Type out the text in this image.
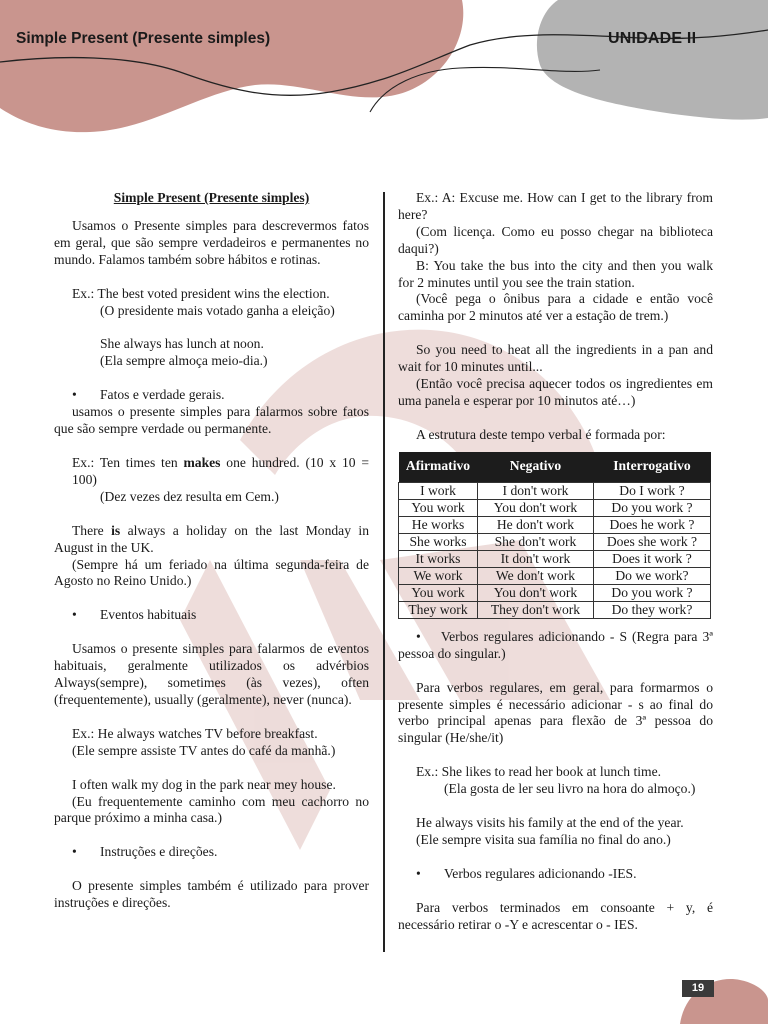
Simple Present (Presente simples)	UNIDADE II

Simple Present (Presente simples)

Usamos o Presente simples para descrevermos fatos em geral, que são sempre verdadeiros e permanentes no mundo. Falamos também sobre hábitos e rotinas.

Ex.: The best voted president wins the election.

(O presidente mais votado ganha a eleição)

She always has lunch at noon.

(Ela sempre almoça meio-dia.)

• Fatos e verdade gerais.

usamos o presente simples para falarmos sobre fatos que são sempre verdade ou permanente.

Ex.: Ten times ten makes one hundred. (10 x 10 = 100)

(Dez vezes dez resulta em Cem.)

There is always a holiday on the last Monday in August in the UK.

(Sempre há um feriado na última segunda-feira de Agosto no Reino Unido.)

• Eventos habituais

Usamos o presente simples para falarmos de eventos habituais, geralmente utilizados os advérbios Always(sempre), sometimes (às vezes), often (frequentemente), usually (geralmente), never (nunca).

Ex.: He always watches TV before breakfast.

(Ele sempre assiste TV antes do café da manhã.)

I often walk my dog in the park near mey house.

(Eu frequentemente caminho com meu cachorro no parque próximo a minha casa.)

• Instruções e direções.

O presente simples também é utilizado para prover instruções e direções.

Ex.: A: Excuse me. How can I get to the library from here?

(Com licença. Como eu posso chegar na biblioteca daqui?)

B: You take the bus into the city and then you walk for 2 minutes until you see the train station.

(Você pega o ônibus para a cidade e então você caminha por 2 minutos até ver a estação de trem.)

So you need to heat all the ingredients in a pan and wait for 10 minutes until...

(Então você precisa aquecer todos os ingredientes em uma panela e esperar por 10 minutos até…)

A estrutura deste tempo verbal é formada por:

Afirmativo	Negativo	Interrogativo
I work	I don't work	Do I work ?
You work	You don't work	Do you work ?
He works	He don't work	Does he work ?
She works	She don't work	Does she work ?
It works	It don't work	Does it work ?
We work	We don't work	Do we work?
You work	You don't work	Do you work ?
They work	They don't work	Do they work?

•    Verbos regulares adicionando - S (Regra para 3ª pessoa do singular.)

Para verbos regulares, em geral, para formarmos o presente simples é necessário adicionar - s ao final do verbo principal apenas para flexão de 3ª pessoa do singular (He/she/it)

Ex.: She likes to read her book at lunch time.

(Ela gosta de ler seu livro na hora do almoço.)

He always visits his family at the end of the year.

(Ele sempre visita sua família no final do ano.)

• Verbos regulares adicionando -IES.

Para verbos terminados em consoante + y, é necessário retirar o -Y e acrescentar o - IES.

19
